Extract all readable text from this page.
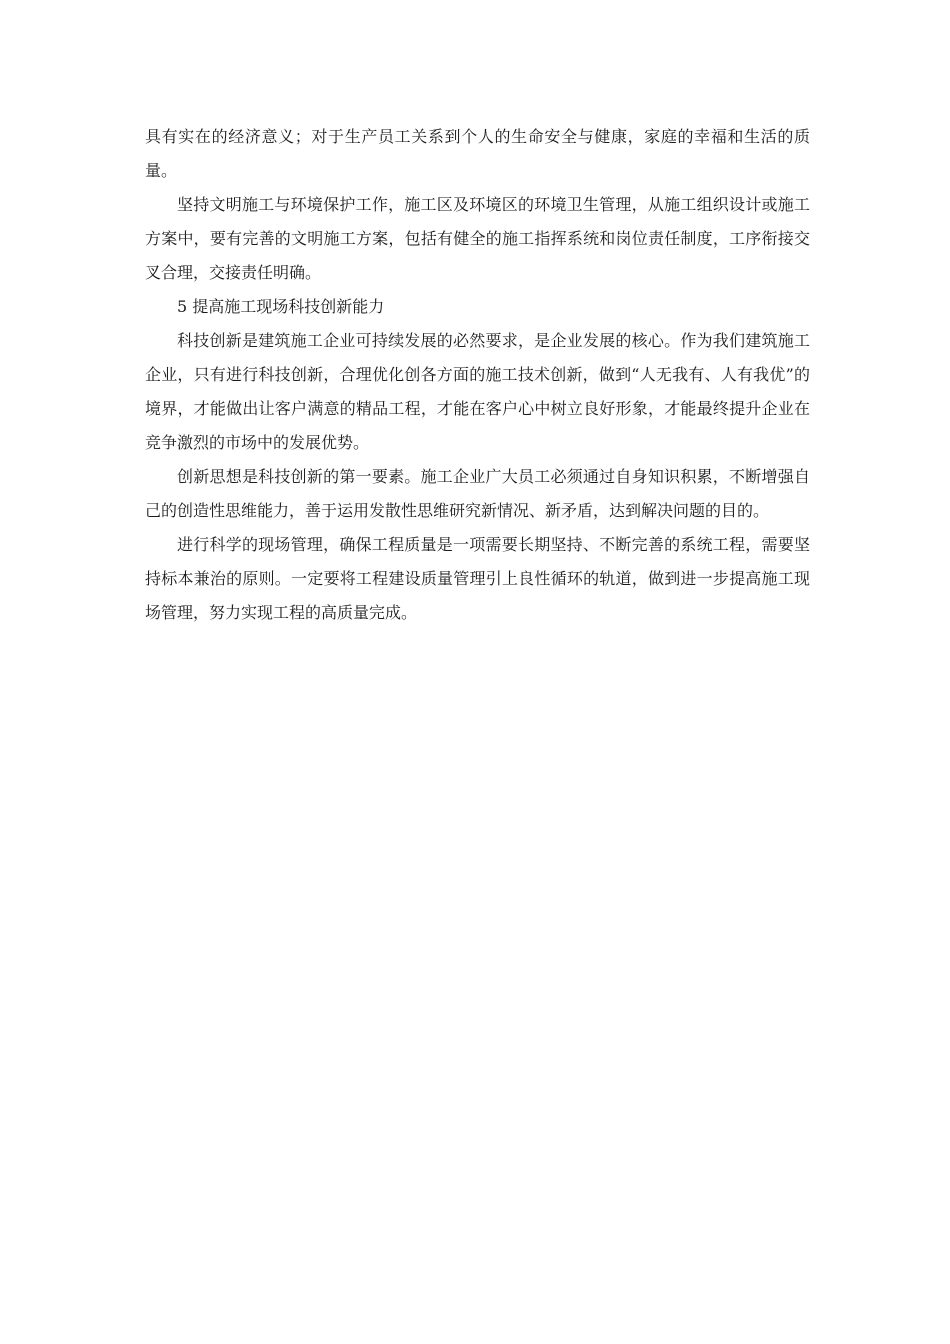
具有实在的经济意义；对于生产员工关系到个人的生命安全与健康，家庭的幸福和生活的质量。

坚持文明施工与环境保护工作，施工区及环境区的环境卫生管理，从施工组织设计或施工方案中，要有完善的文明施工方案，包括有健全的施工指挥系统和岗位责任制度，工序衔接交叉合理，交接责任明确。

5 提高施工现场科技创新能力

科技创新是建筑施工企业可持续发展的必然要求，是企业发展的核心。作为我们建筑施工企业，只有进行科技创新，合理优化创各方面的施工技术创新，做到“人无我有、人有我优”的境界，才能做出让客户满意的精品工程，才能在客户心中树立良好形象，才能最终提升企业在竞争激烈的市场中的发展优势。

创新思想是科技创新的第一要素。施工企业广大员工必须通过自身知识积累，不断增强自己的创造性思维能力，善于运用发散性思维研究新情况、新矛盾，达到解决问题的目的。

进行科学的现场管理，确保工程质量是一项需要长期坚持、不断完善的系统工程，需要坚持标本兼治的原则。一定要将工程建设质量管理引上良性循环的轨道，做到进一步提高施工现场管理，努力实现工程的高质量完成。
